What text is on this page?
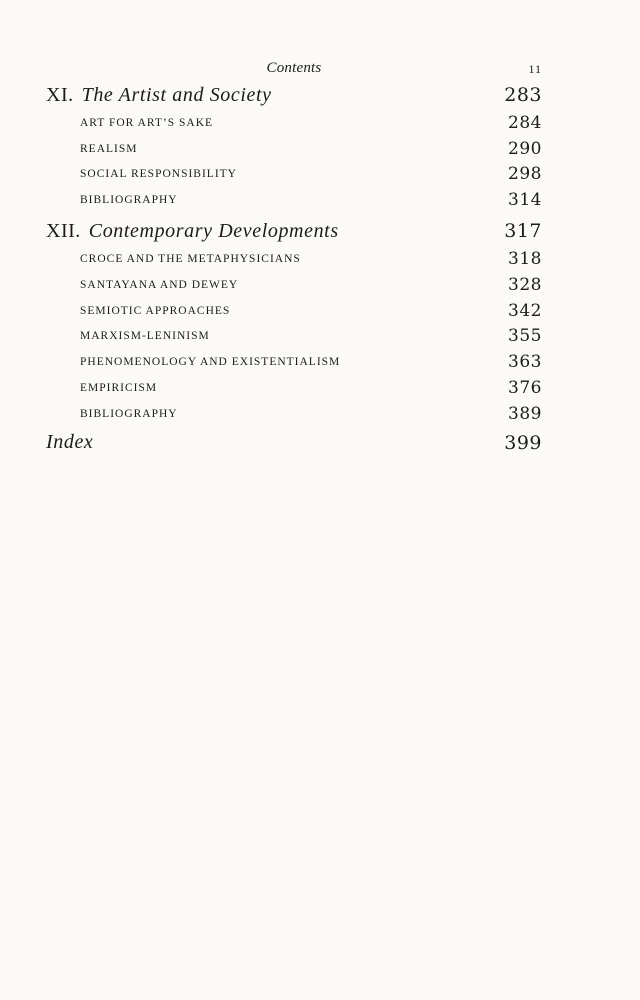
Contents	11
XI. The Artist and Society	283
ART FOR ART’S SAKE	284
REALISM	290
SOCIAL RESPONSIBILITY	298
BIBLIOGRAPHY	314
XII. Contemporary Developments	317
CROCE AND THE METAPHYSICIANS	318
SANTAYANA AND DEWEY	328
SEMIOTIC APPROACHES	342
MARXISM-LENINISM	355
PHENOMENOLOGY AND EXISTENTIALISM	363
EMPIRICISM	376
BIBLIOGRAPHY	389
Index	399
